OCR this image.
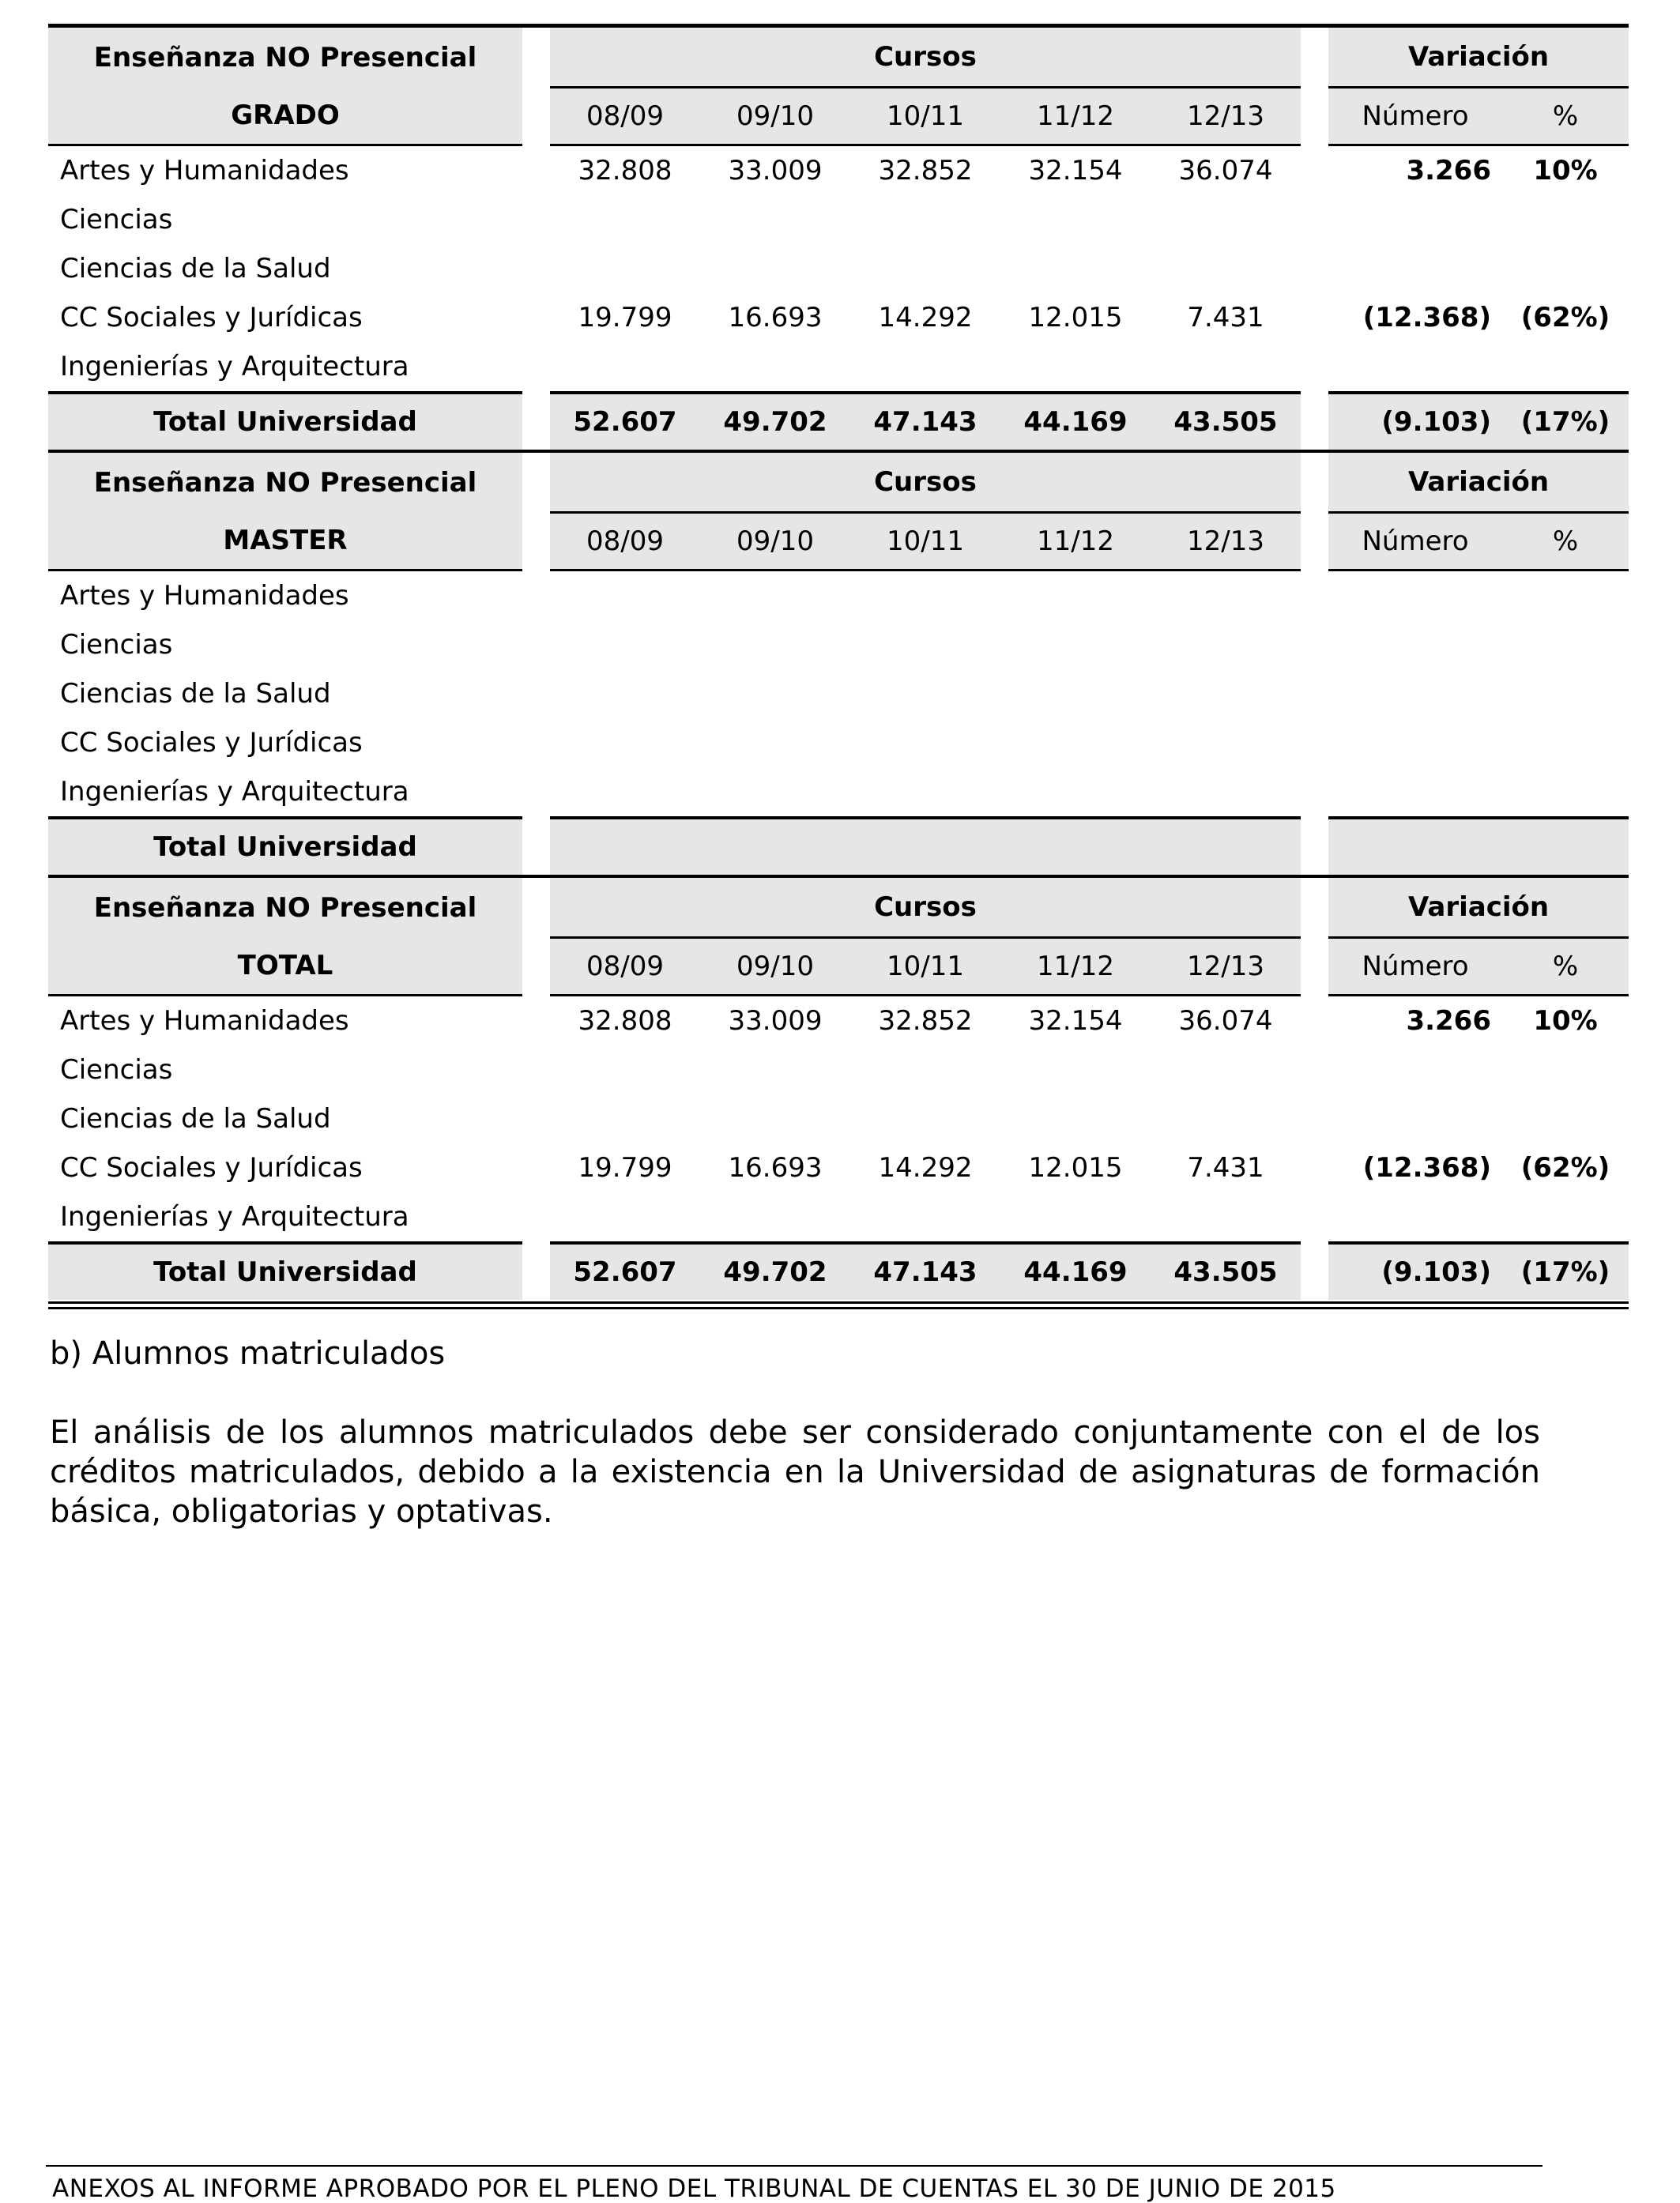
Enseñanza NO Presencial		Cursos						Variación	
GRADO		08/09	09/10	10/11	11/12	12/13		Número	%
Artes y Humanidades		32.808	33.009	32.852	32.154	36.074		3.266	10%
Ciencias									
Ciencias de la Salud									
CC Sociales y Jurídicas		19.799	16.693	14.292	12.015	7.431		(12.368)	(62%)
Ingenierías y Arquitectura									
Total Universidad		52.607	49.702	47.143	44.169	43.505		(9.103)	(17%)
Enseñanza NO Presencial		Cursos						Variación	
MASTER		08/09	09/10	10/11	11/12	12/13		Número	%
Artes y Humanidades									
Ciencias									
Ciencias de la Salud									
CC Sociales y Jurídicas									
Ingenierías y Arquitectura									
Total Universidad									
Enseñanza NO Presencial		Cursos						Variación	
TOTAL		08/09	09/10	10/11	11/12	12/13		Número	%
Artes y Humanidades		32.808	33.009	32.852	32.154	36.074		3.266	10%
Ciencias									
Ciencias de la Salud									
CC Sociales y Jurídicas		19.799	16.693	14.292	12.015	7.431		(12.368)	(62%)
Ingenierías y Arquitectura									
Total Universidad		52.607	49.702	47.143	44.169	43.505		(9.103)	(17%)
b) Alumnos matriculados
El análisis de los alumnos matriculados debe ser considerado conjuntamente con el de los créditos matriculados, debido a la existencia en la Universidad de asignaturas de formación básica, obligatorias y optativas.
ANEXOS AL INFORME APROBADO POR EL PLENO DEL TRIBUNAL DE CUENTAS EL 30 DE JUNIO DE 2015
